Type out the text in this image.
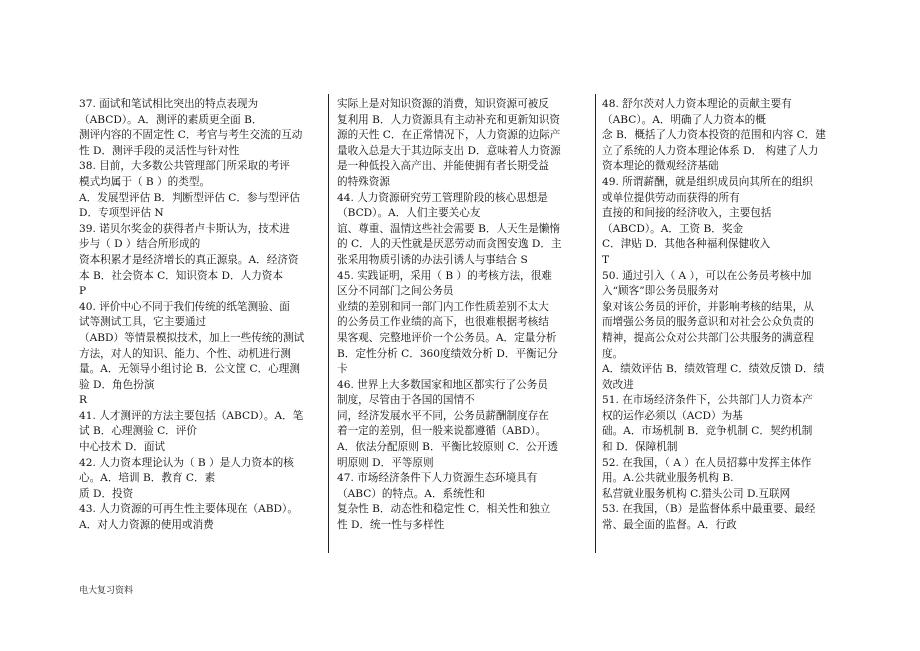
37. 面试和笔试相比突出的特点表现为
（ABCD）。A．测评的素质更全面 B．
测评内容的不固定性 C．考官与考生交流的互动
性 D．测评手段的灵活性与针对性
38. 目前，大多数公共管理部门所采取的考评
模式均属于（ B ）的类型。
A．发展型评估 B．判断型评估 C．参与型评估
D．专项型评估 N
39. 诺贝尔奖金的获得者卢卡斯认为，技术进
步与（ D ）结合所形成的
资本积累才是经济增长的真正源泉。A．经济资
本 B．社会资本 C．知识资本 D．人力资本
P
40. 评价中心不同于我们传统的纸笔测验、面
试等测试工具，它主要通过
（ABD）等情景模拟技术，加上一些传统的测试
方法，对人的知识、能力、个性、动机进行测
量。A．无领导小组讨论 B．公文筐 C．心理测
验 D．角色扮演
R
41. 人才测评的方法主要包括（ABCD）。A．笔
试 B．心理测验 C．评价
中心技术 D．面试
42. 人力资本理论认为（ B ）是人力资本的核
心。A．培训 B．教育 C．素
质 D．投资
43. 人力资源的可再生性主要体现在（ABD）。
A．对人力资源的使用或消费
实际上是对知识资源的消费，知识资源可被反
复利用 B．人力资源具有主动补充和更新知识资
源的天性 C．在正常情况下，人力资源的边际产
量收入总是大于其边际支出 D．意味着人力资源
是一种低投入高产出、并能使拥有者长期受益
的特殊资源
44. 人力资源研究劳工管理阶段的核心思想是
（BCD）。A．人们主要关心友
谊、尊重、温情这些社会需要 B．人天生是懒惰
的 C．人的天性就是厌恶劳动而贪图安逸 D．主
张采用物质引诱的办法引诱人与事结合 S
45. 实践证明，采用（ B ）的考核方法，很难
区分不同部门之间公务员
业绩的差别和同一部门内工作性质差别不太大
的公务员工作业绩的高下，也很难根据考核结
果客观、完整地评价一个公务员。A．定量分析
B．定性分析 C．360度绩效分析 D．平衡记分
卡
46. 世界上大多数国家和地区都实行了公务员
制度，尽管由于各国的国情不
同，经济发展水平不同，公务员薪酬制度存在
着一定的差别，但一般来说都遵循（ABD）。
A．依法分配原则 B．平衡比较原则 C．公开透
明原则 D．平等原则
47. 市场经济条件下人力资源生态环境具有
（ABC）的特点。A．系统性和
复杂性 B．动态性和稳定性 C．相关性和独立
性 D．统一性与多样性
48. 舒尔茨对人力资本理论的贡献主要有
（ABC）。A．明确了人力资本的概
念 B．概括了人力资本投资的范围和内容 C．建
立了系统的人力资本理论体系 D． 构建了人力
资本理论的微观经济基础
49. 所谓薪酬，就是组织成员向其所在的组织
或单位提供劳动而获得的所有
直接的和间接的经济收入，主要包括
（ABCD）。A．工资 B．奖金
C．津贴 D．其他各种福利保健收入
T
50. 通过引入（ A ），可以在公务员考核中加
入“顾客”即公务员服务对
象对该公务员的评价，并影响考核的结果，从
而增强公务员的服务意识和对社会公众负责的
精神，提高公众对公共部门公共服务的满意程
度。
A．绩效评估 B．绩效管理 C．绩效反馈 D．绩
效改进
51. 在市场经济条件下，公共部门人力资本产
权的运作必须以（ACD）为基
础。A．市场机制 B．竞争机制 C．契约机制
和 D．保障机制
52. 在我国，（ A ）在人员招募中发挥主体作
用。A.公共就业服务机构 B.
私营就业服务机构 C.猎头公司 D.互联网
53. 在我国，（B）是监督体系中最重要、最经
常、最全面的监督。A．行政
电大复习资料
